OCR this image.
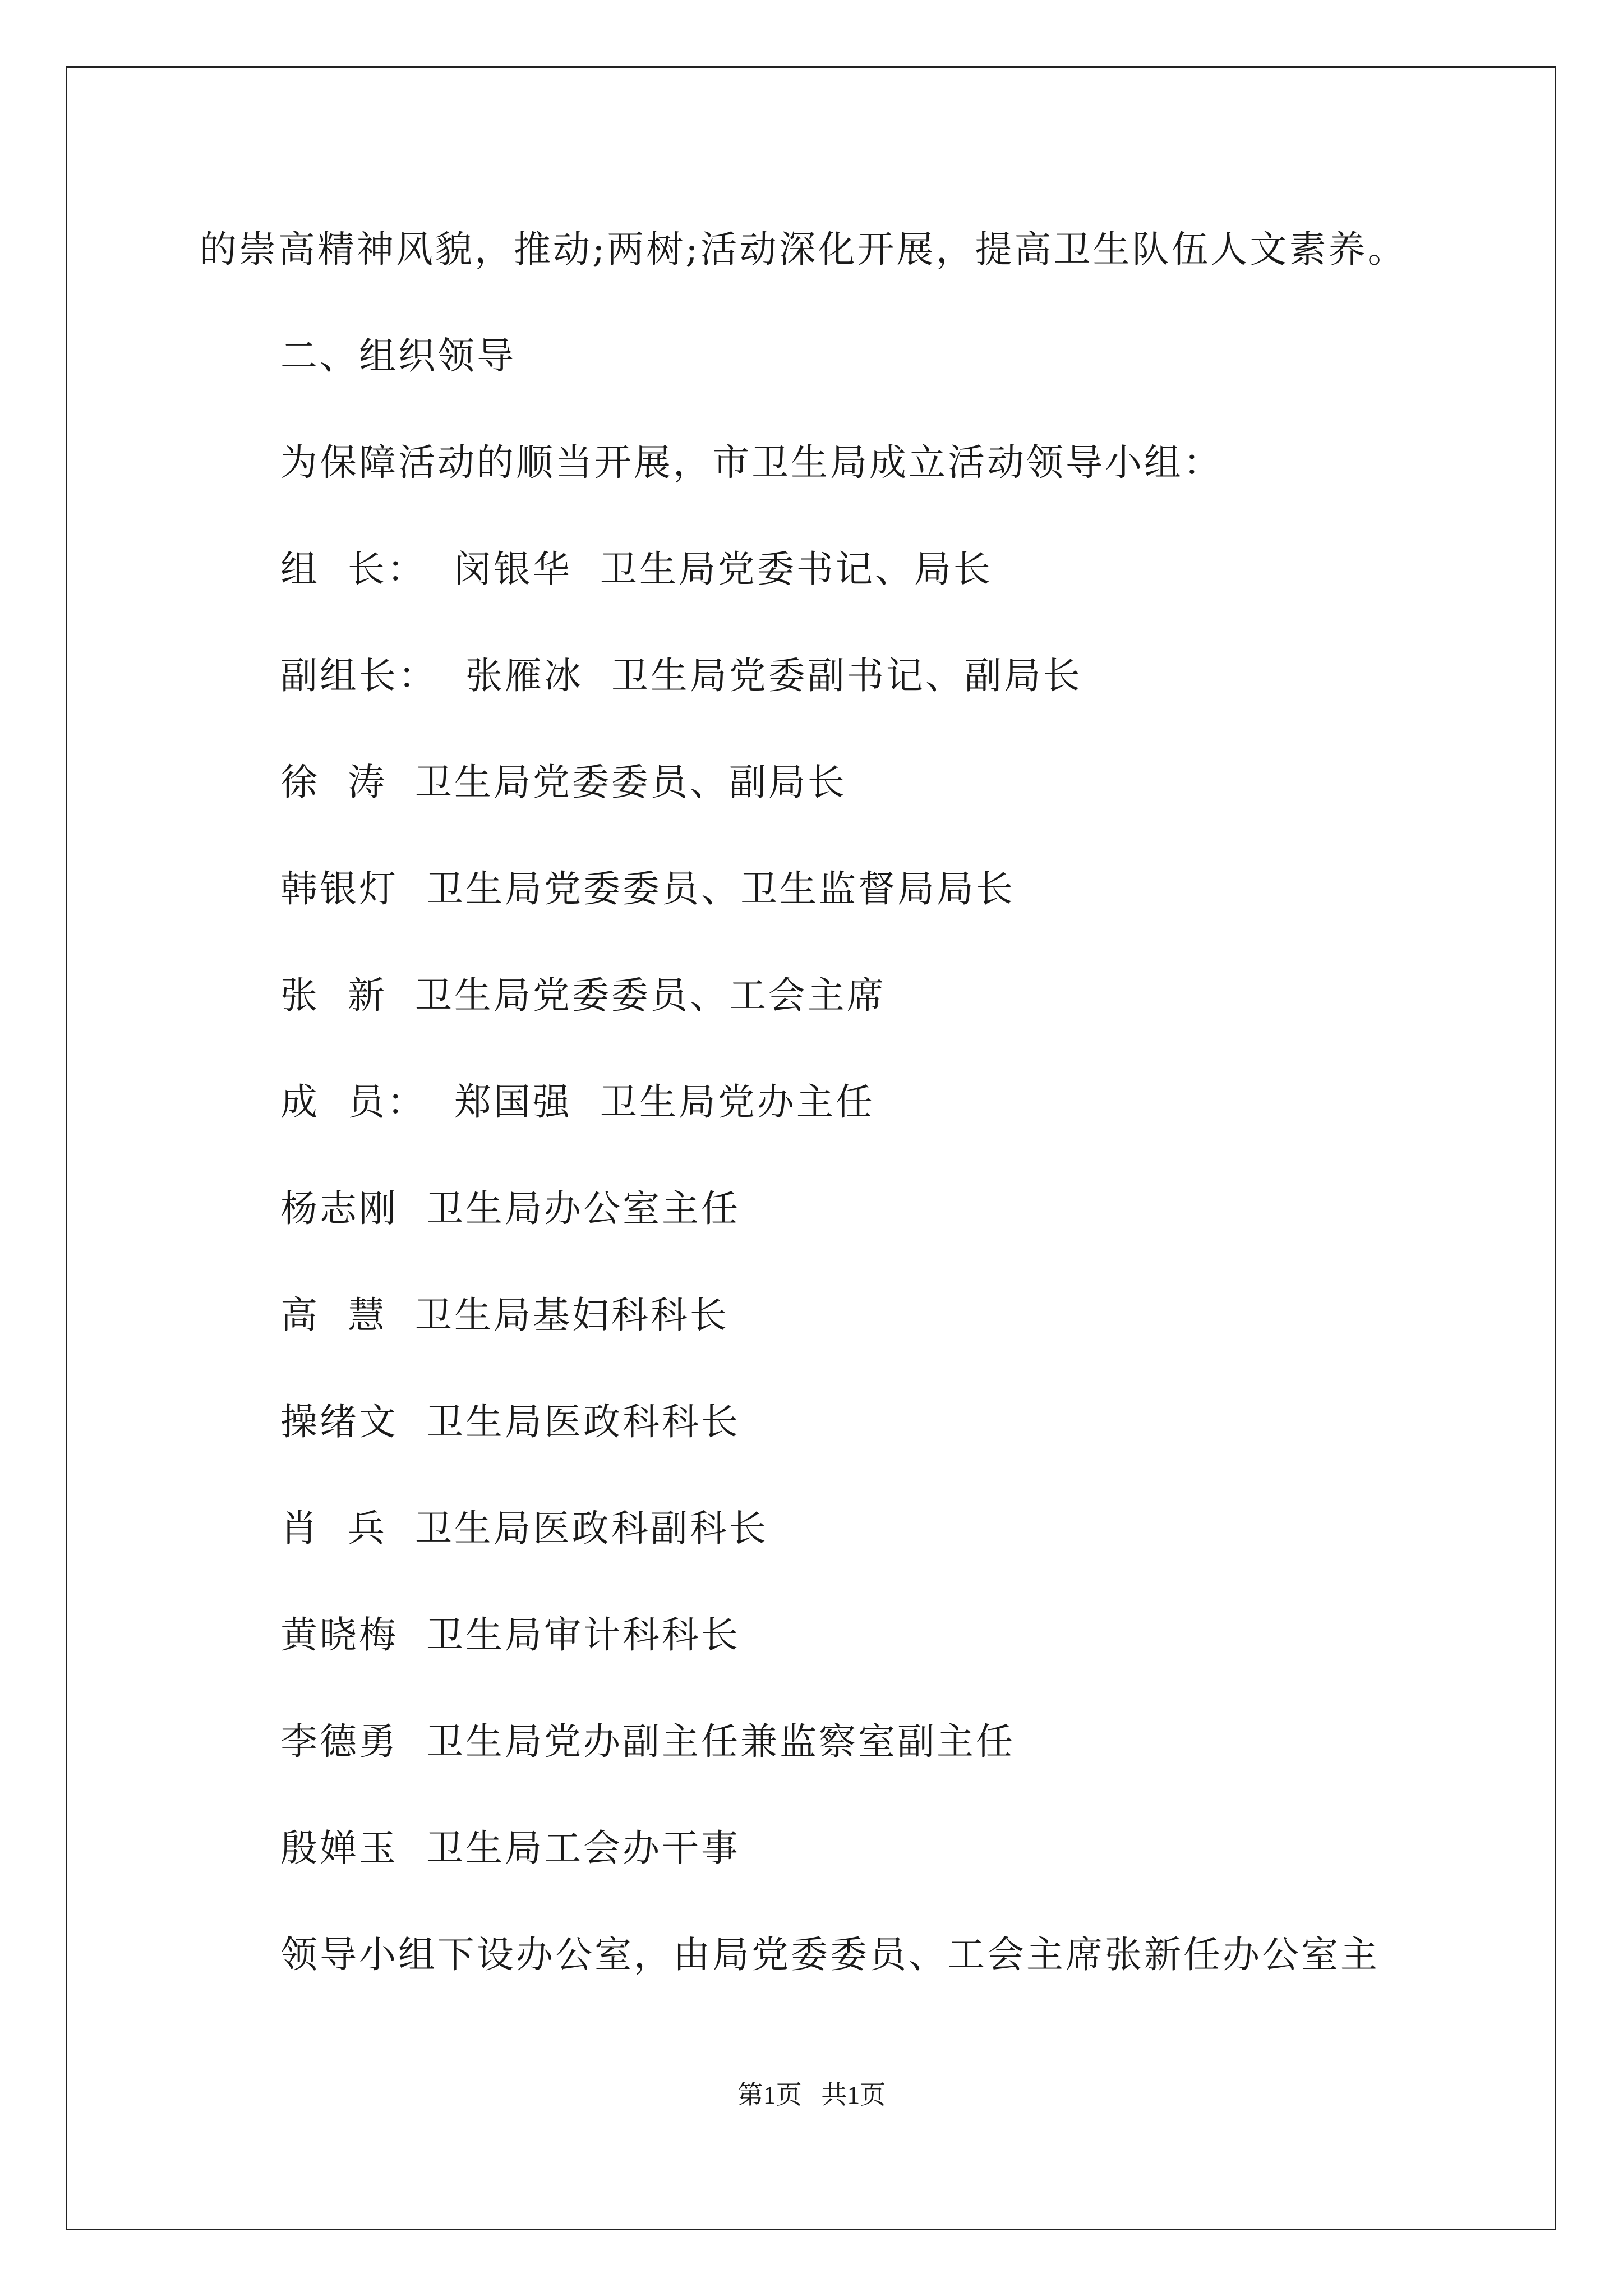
的崇高精神风貌，推动;两树;活动深化开展，提高卫生队伍人文素养。
二、组织领导
为保障活动的顺当开展，市卫生局成立活动领导小组：
组  长：  闵银华  卫生局党委书记、局长
副组长：  张雁冰  卫生局党委副书记、副局长
徐  涛  卫生局党委委员、副局长
韩银灯  卫生局党委委员、卫生监督局局长
张  新  卫生局党委委员、工会主席
成  员：  郑国强  卫生局党办主任
杨志刚  卫生局办公室主任
高  慧  卫生局基妇科科长
操绪文  卫生局医政科科长
肖  兵  卫生局医政科副科长
黄晓梅  卫生局审计科科长
李德勇  卫生局党办副主任兼监察室副主任
殷婵玉  卫生局工会办干事
领导小组下设办公室，由局党委委员、工会主席张新任办公室主
第1页   共1页
